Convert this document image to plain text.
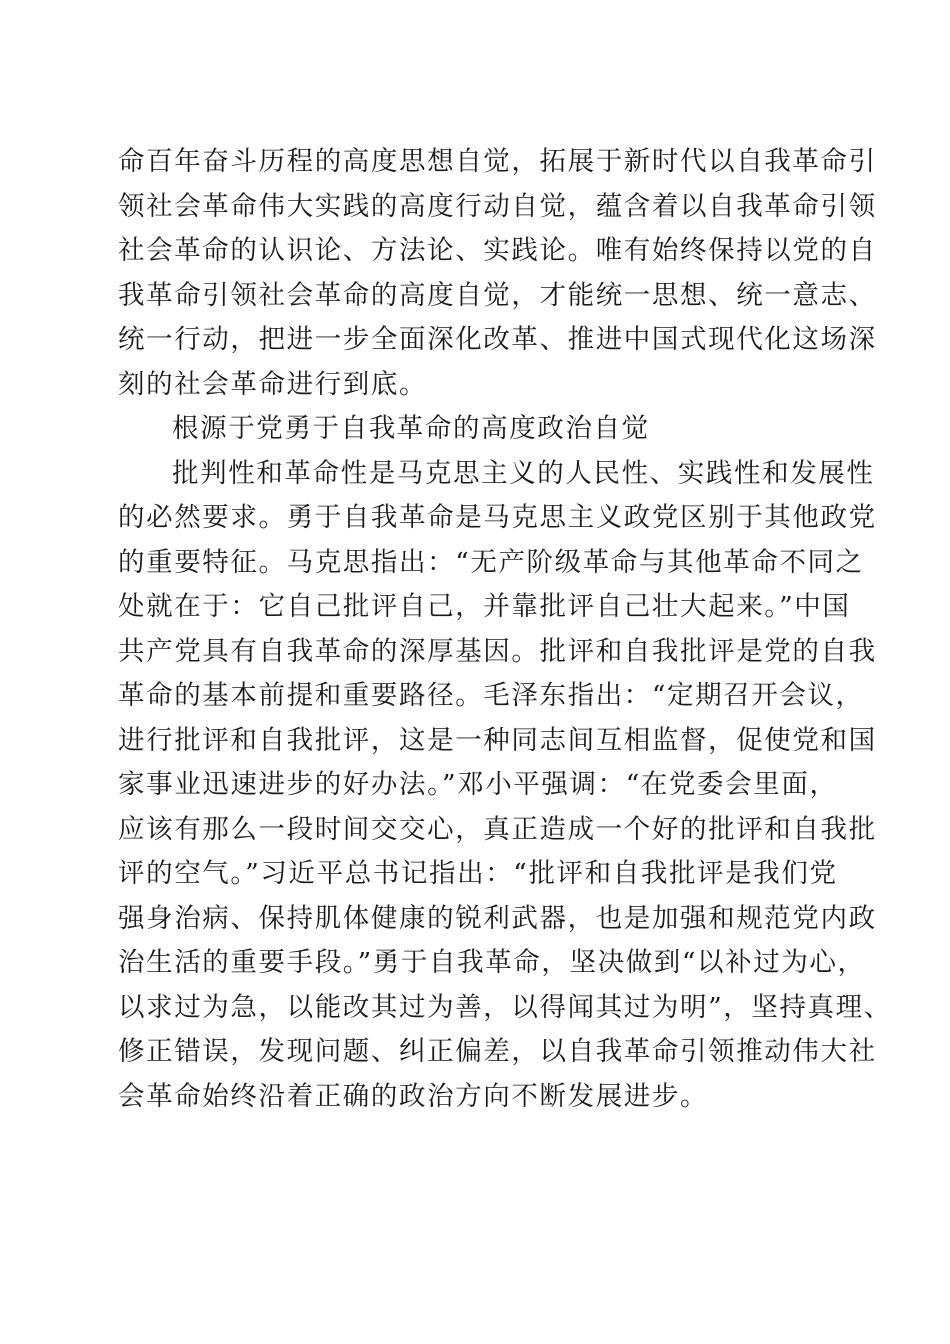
命百年奋斗历程的高度思想自觉，拓展于新时代以自我革命引
领社会革命伟大实践的高度行动自觉，蕴含着以自我革命引领
社会革命的认识论、方法论、实践论。唯有始终保持以党的自
我革命引领社会革命的高度自觉，才能统一思想、统一意志、
统一行动，把进一步全面深化改革、推进中国式现代化这场深
刻的社会革命进行到底。
根源于党勇于自我革命的高度政治自觉
批判性和革命性是马克思主义的人民性、实践性和发展性
的必然要求。勇于自我革命是马克思主义政党区别于其他政党
的重要特征。马克思指出：“无产阶级革命与其他革命不同之
处就在于：它自己批评自己，并靠批评自己壮大起来。”中国
共产党具有自我革命的深厚基因。批评和自我批评是党的自我
革命的基本前提和重要路径。毛泽东指出：“定期召开会议，
进行批评和自我批评，这是一种同志间互相监督，促使党和国
家事业迅速进步的好办法。”邓小平强调：“在党委会里面，
应该有那么一段时间交交心，真正造成一个好的批评和自我批
评的空气。”习近平总书记指出：“批评和自我批评是我们党
强身治病、保持肌体健康的锐利武器，也是加强和规范党内政
治生活的重要手段。”勇于自我革命，坚决做到“以补过为心，
以求过为急，以能改其过为善，以得闻其过为明”，坚持真理、
修正错误，发现问题、纠正偏差，以自我革命引领推动伟大社
会革命始终沿着正确的政治方向不断发展进步。
